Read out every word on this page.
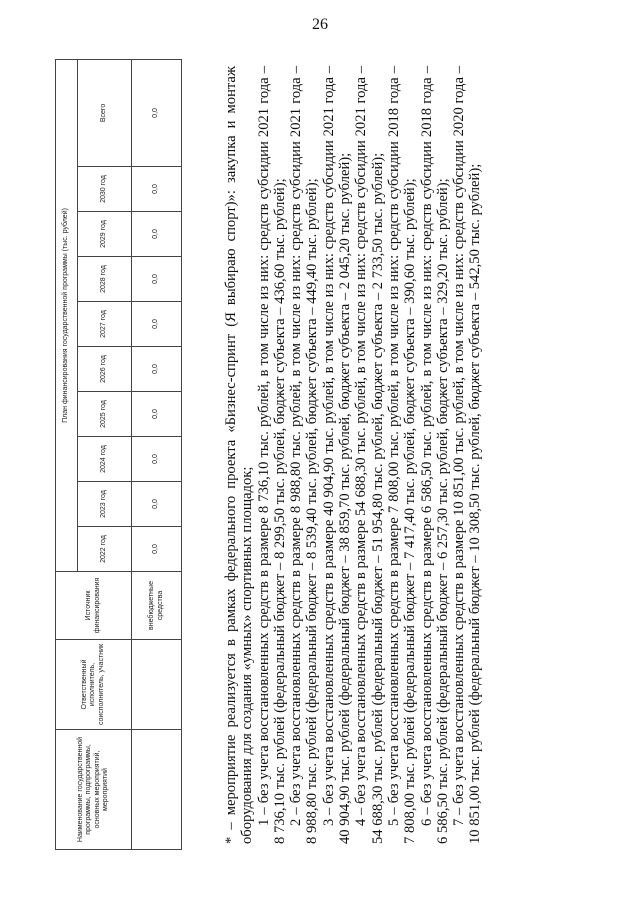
26
Наименование государственной программы, подпрограммы, основных мероприятий, мероприятий	Ответственный исполнитель, соисполнитель, участник	Источник финансирования	План финансирования государственной программы (тыс. рублей)									
			2022 год	2023 год	2024 год	2025 год	2026 год	2027 год	2028 год	2029 год	2030 год	Всего
		внебюджетные средства	0,0	0,0	0,0	0,0	0,0	0,0	0,0	0,0	0,0	0,0	* – мероприятие реализуется в рамках федерального проекта «Бизнес-спринт (Я выбираю спорт)»: закупка и монтаж оборудования для создания «умных» спортивных площадок; 1 – без учета восстановленных средств в размере 8 736,10 тыс. рублей, в том числе из них: средств субсидии 2021 года – 8 736,10 тыс. рублей (федеральный бюджет – 8 299,50 тыс. рублей, бюджет субъекта – 436,60 тыс. рублей); 2 – без учета восстановленных средств в размере 8 988,80 тыс. рублей, в том числе из них: средств субсидии 2021 года – 8 988,80 тыс. рублей (федеральный бюджет – 8 539,40 тыс. рублей, бюджет субъекта – 449,40 тыс. рублей); 3 – без учета восстановленных средств в размере 40 904,90 тыс. рублей, в том числе из них: средств субсидии 2021 года – 40 904,90 тыс. рублей (федеральный бюджет – 38 859,70 тыс. рублей, бюджет субъекта – 2 045,20 тыс. рублей); 4 – без учета восстановленных средств в размере 54 688,30 тыс. рублей, в том числе из них: средств субсидии 2021 года – 54 688,30 тыс. рублей (федеральный бюджет – 51 954,80 тыс. рублей, бюджет субъекта – 2 733,50 тыс. рублей); 5 – без учета восстановленных средств в размере 7 808,00 тыс. рублей, в том числе из них: средств субсидии 2018 года – 7 808,00 тыс. рублей (федеральный бюджет – 7 417,40 тыс. рублей, бюджет субъекта – 390,60 тыс. рублей); 6 – без учета восстановленных средств в размере 6 586,50 тыс. рублей, в том числе из них: средств субсидии 2018 года – 6 586,50 тыс. рублей (федеральный бюджет – 6 257,30 тыс. рублей, бюджет субъекта – 329,20 тыс. рублей); 7 – без учета восстановленных средств в размере 10 851,00 тыс. рублей, в том числе из них: средств субсидии 2020 года – 10 851,00 тыс. рублей (федеральный бюджет – 10 308,50 тыс. рублей, бюджет субъекта – 542,50 тыс. рублей);
